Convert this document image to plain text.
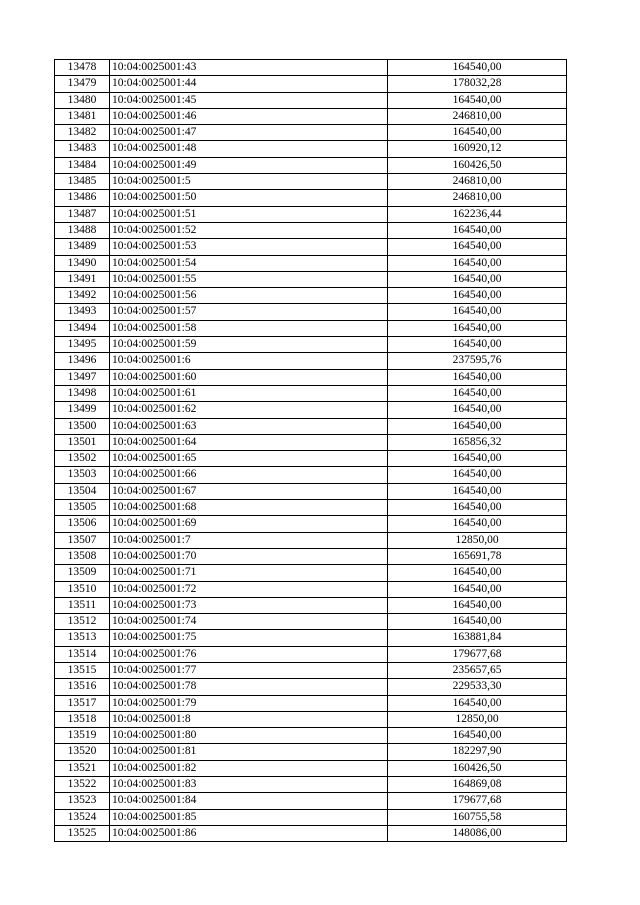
13478	10:04:0025001:43	164540,00
13479	10:04:0025001:44	178032,28
13480	10:04:0025001:45	164540,00
13481	10:04:0025001:46	246810,00
13482	10:04:0025001:47	164540,00
13483	10:04:0025001:48	160920,12
13484	10:04:0025001:49	160426,50
13485	10:04:0025001:5	246810,00
13486	10:04:0025001:50	246810,00
13487	10:04:0025001:51	162236,44
13488	10:04:0025001:52	164540,00
13489	10:04:0025001:53	164540,00
13490	10:04:0025001:54	164540,00
13491	10:04:0025001:55	164540,00
13492	10:04:0025001:56	164540,00
13493	10:04:0025001:57	164540,00
13494	10:04:0025001:58	164540,00
13495	10:04:0025001:59	164540,00
13496	10:04:0025001:6	237595,76
13497	10:04:0025001:60	164540,00
13498	10:04:0025001:61	164540,00
13499	10:04:0025001:62	164540,00
13500	10:04:0025001:63	164540,00
13501	10:04:0025001:64	165856,32
13502	10:04:0025001:65	164540,00
13503	10:04:0025001:66	164540,00
13504	10:04:0025001:67	164540,00
13505	10:04:0025001:68	164540,00
13506	10:04:0025001:69	164540,00
13507	10:04:0025001:7	12850,00
13508	10:04:0025001:70	165691,78
13509	10:04:0025001:71	164540,00
13510	10:04:0025001:72	164540,00
13511	10:04:0025001:73	164540,00
13512	10:04:0025001:74	164540,00
13513	10:04:0025001:75	163881,84
13514	10:04:0025001:76	179677,68
13515	10:04:0025001:77	235657,65
13516	10:04:0025001:78	229533,30
13517	10:04:0025001:79	164540,00
13518	10:04:0025001:8	12850,00
13519	10:04:0025001:80	164540,00
13520	10:04:0025001:81	182297,90
13521	10:04:0025001:82	160426,50
13522	10:04:0025001:83	164869,08
13523	10:04:0025001:84	179677,68
13524	10:04:0025001:85	160755,58
13525	10:04:0025001:86	148086,00
